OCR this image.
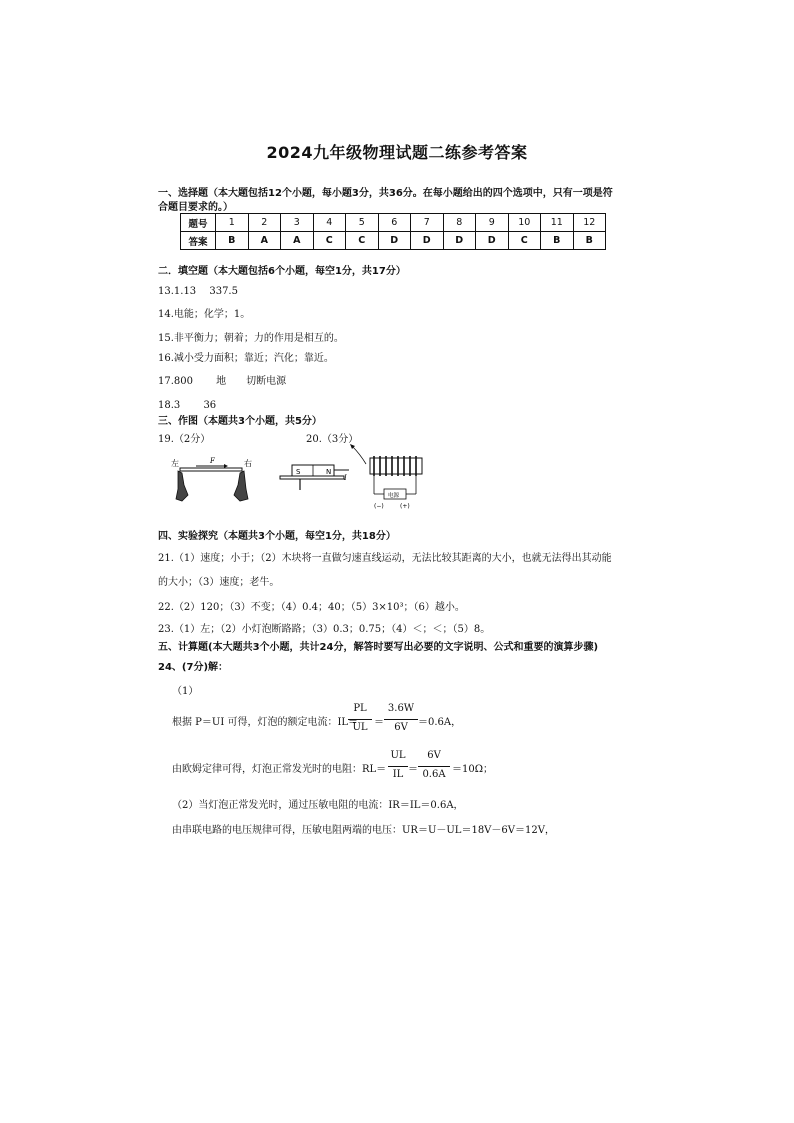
2024九年级物理试题二练参考答案
一、选择题（本大题包括12个小题，每小题3分，共36分。在每小题给出的四个选项中，只有一项是符
合题目要求的。）
题号	1	2	3	4	5	6	7	8	9	10	11	12
答案	B	A	A	C	C	D	D	D	D	C	B	B
二．填空题（本大题包括6个小题，每空1分，共17分）
13.1.13　 337.5
14.电能；化学；1。
15.非平衡力；朝着；力的作用是相互的。
16.减小受力面积；靠近；汽化；靠近。
17.800　　 地　　切断电源
18.3　　 36
三、作图（本题共3个小题，共5分）
19.（2分）	20.（3分）
左	右
F
S	N
I
电源
(−)	(+)
四、实验探究（本题共3个小题，每空1分，共18分）
21.（1）速度；小于；（2）木块将一直做匀速直线运动，无法比较其距离的大小，也就无法得出其动能
的大小；（3）速度；老牛。
22.（2）120；（3）不变；（4）0.4；40；（5）3×10³；（6）越小。
23.（1）左；（2）小灯泡断路路；（3）0.3；0.75；（4）＜；＜；（5）8。
五、计算题(本大题共3个小题，共计24分，解答时要写出必要的文字说明、公式和重要的演算步骤)
24、(7分)解：
（1）
根据 P＝UI 可得，灯泡的额定电流：IL＝
PL
UL ＝
3.6W
6V	＝0.6A，
由欧姆定律可得，灯泡正常发光时的电阻：RL＝
UL
IL ＝
6V
0.6A ＝10Ω；
（2）当灯泡正常发光时，通过压敏电阻的电流：IR＝IL＝0.6A，
由串联电路的电压规律可得，压敏电阻两端的电压：UR＝U－UL＝18V－6V＝12V，
